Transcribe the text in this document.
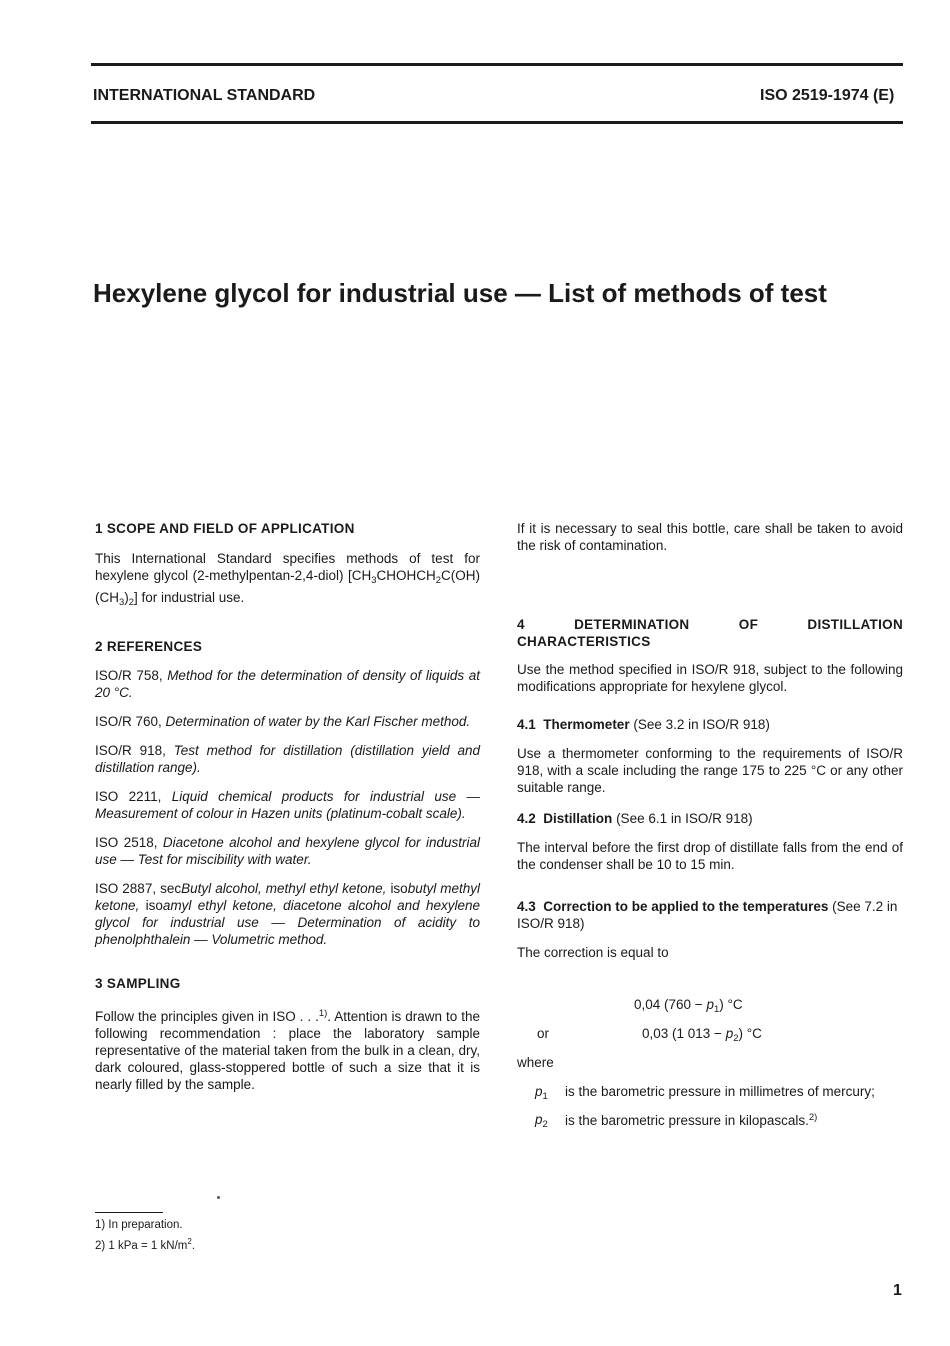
INTERNATIONAL STANDARD	ISO 2519-1974 (E)
Hexylene glycol for industrial use — List of methods of test

1 SCOPE AND FIELD OF APPLICATION

This International Standard specifies methods of test for hexylene glycol (2-methylpentan-2,4-diol) $[CH_3CHOHCH_2C(OH)(CH_3)_2]$ for industrial use.

2 REFERENCES

ISO/R 758, Method for the determination of density of liquids at 20 °C.

ISO/R 760, Determination of water by the Karl Fischer method.

ISO/R 918, Test method for distillation (distillation yield and distillation range).

ISO 2211, Liquid chemical products for industrial use — Measurement of colour in Hazen units (platinum-cobalt scale).

ISO 2518, Diacetone alcohol and hexylene glycol for industrial use — Test for miscibility with water.

ISO 2887, secButyl alcohol, methyl ethyl ketone, isobutyl methyl ketone, isoamyl ethyl ketone, diacetone alcohol and hexylene glycol for industrial use — Determination of acidity to phenolphthalein — Volumetric method.

3 SAMPLING

Follow the principles given in ISO . . .$^{1)}$. Attention is drawn to the following recommendation : place the laboratory sample representative of the material taken from the bulk in a clean, dry, dark coloured, glass-stoppered bottle of such a size that it is nearly filled by the sample.

If it is necessary to seal this bottle, care shall be taken to avoid the risk of contamination.

4 DETERMINATION OF DISTILLATION CHARACTERISTICS

Use the method specified in ISO/R 918, subject to the following modifications appropriate for hexylene glycol.

4.1 Thermometer (See 3.2 in ISO/R 918)

Use a thermometer conforming to the requirements of ISO/R 918, with a scale including the range 175 to 225 °C or any other suitable range.

4.2 Distillation (See 6.1 in ISO/R 918)

The interval before the first drop of distillate falls from the end of the condenser shall be 10 to 15 min.

4.3 Correction to be applied to the temperatures (See 7.2 in ISO/R 918)

The correction is equal to

0,04 $(760 - p_1)$ °C
or	0,03 (1 $013 - p_2$) °C
where
$p_1$ is the barometric pressure in millimetres of mercury;
$p_2$ is the barometric pressure in kilopascals.$^{2)}$
1) In preparation.
2) 1 kPa = 1 $kN/m^2$.
1
